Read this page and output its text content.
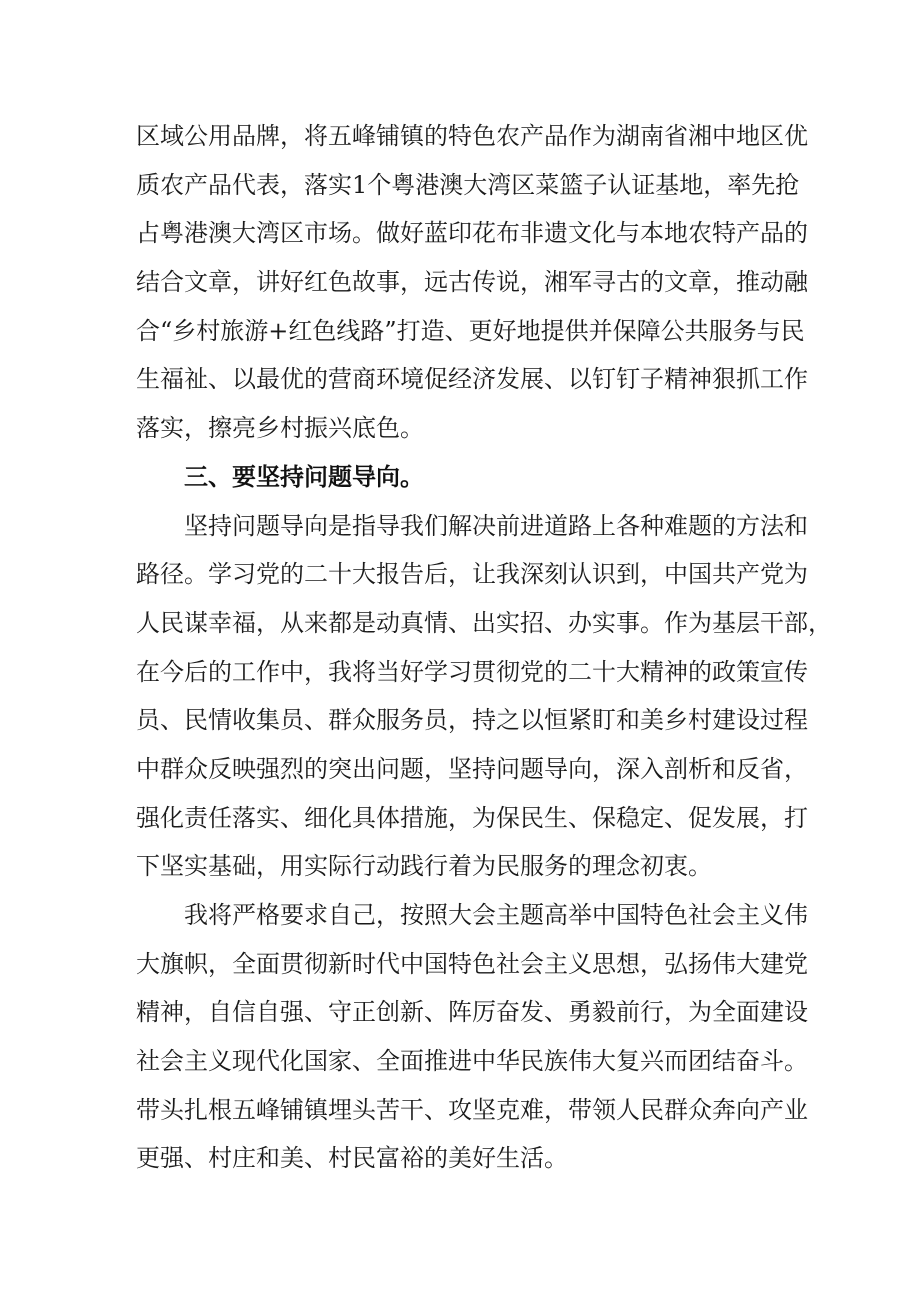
区域公用品牌，将五峰铺镇的特色农产品作为湖南省湘中地区优
质农产品代表，落实1个粤港澳大湾区菜篮子认证基地，率先抢
占粤港澳大湾区市场。做好蓝印花布非遗文化与本地农特产品的
结合文章，讲好红色故事，远古传说，湘军寻古的文章，推动融
合“乡村旅游+红色线路”打造、更好地提供并保障公共服务与民
生福祉、以最优的营商环境促经济发展、以钉钉子精神狠抓工作
落实，擦亮乡村振兴底色。
三、要坚持问题导向。
坚持问题导向是指导我们解决前进道路上各种难题的方法和
路径。学习党的二十大报告后，让我深刻认识到，中国共产党为
人民谋幸福，从来都是动真情、出实招、办实事。作为基层干部，
在今后的工作中，我将当好学习贯彻党的二十大精神的政策宣传
员、民情收集员、群众服务员，持之以恒紧盯和美乡村建设过程
中群众反映强烈的突出问题，坚持问题导向，深入剖析和反省，
强化责任落实、细化具体措施，为保民生、保稳定、促发展，打
下坚实基础，用实际行动践行着为民服务的理念初衷。
我将严格要求自己，按照大会主题高举中国特色社会主义伟
大旗帜，全面贯彻新时代中国特色社会主义思想，弘扬伟大建党
精神，自信自强、守正创新、阵厉奋发、勇毅前行，为全面建设
社会主义现代化国家、全面推进中华民族伟大复兴而团结奋斗。
带头扎根五峰铺镇埋头苦干、攻坚克难，带领人民群众奔向产业
更强、村庄和美、村民富裕的美好生活。
